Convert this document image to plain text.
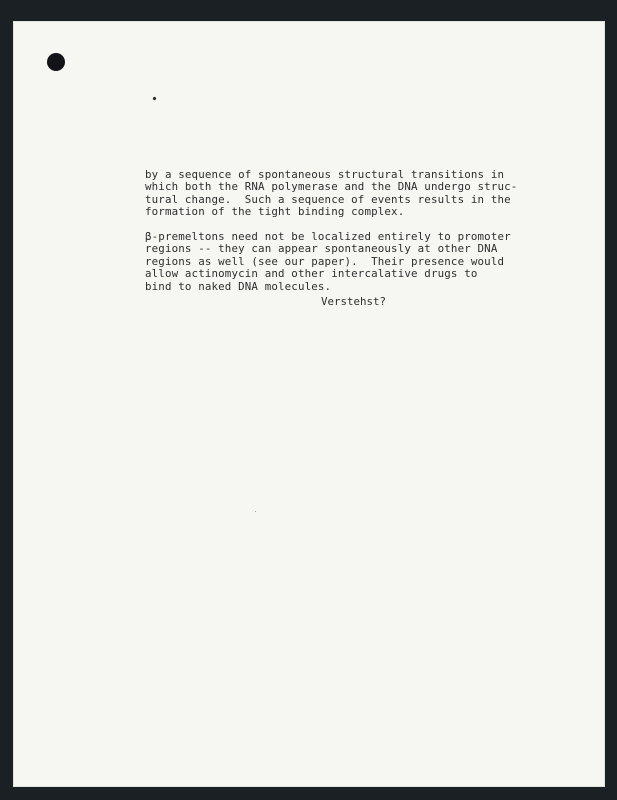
by a sequence of spontaneous structural transitions in
which both the RNA polymerase and the DNA undergo struc-
tural change.  Such a sequence of events results in the
formation of the tight binding complex.
β-premeltons need not be localized entirely to promoter
regions -- they can appear spontaneously at other DNA
regions as well (see our paper).  Their presence would
allow actinomycin and other intercalative drugs to
bind to naked DNA molecules.
Verstehst?
